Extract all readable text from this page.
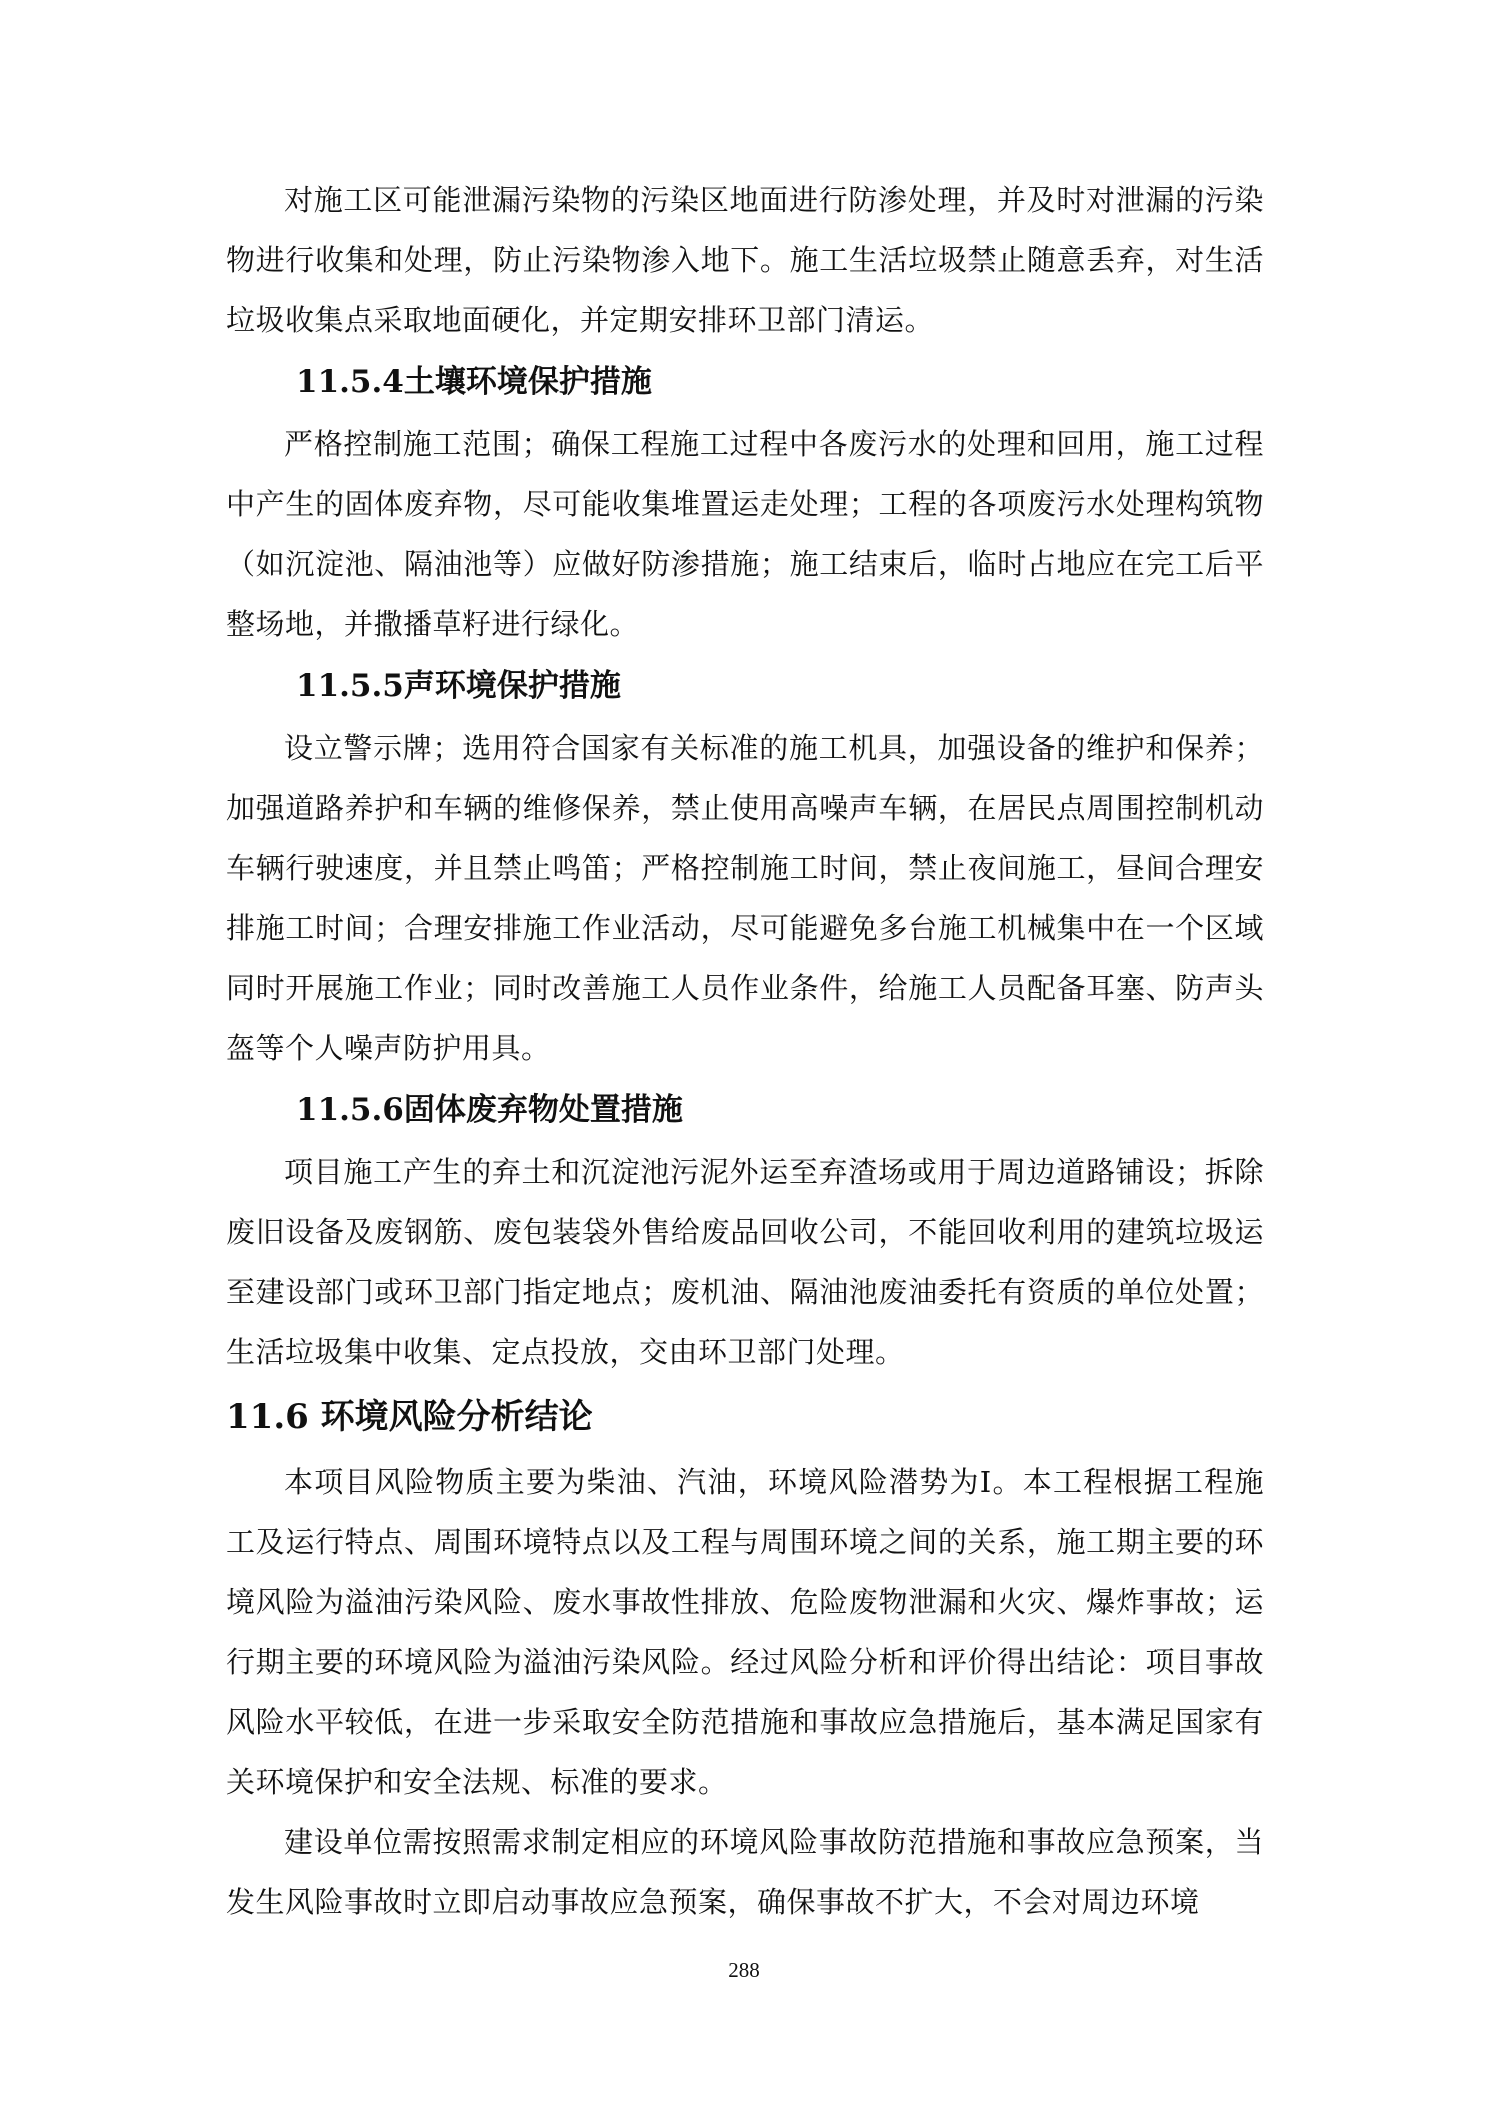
对施工区可能泄漏污染物的污染区地面进行防渗处理，并及时对泄漏的污染物进行收集和处理，防止污染物渗入地下。施工生活垃圾禁止随意丢弃，对生活垃圾收集点采取地面硬化，并定期安排环卫部门清运。

11.5.4土壤环境保护措施

严格控制施工范围；确保工程施工过程中各废污水的处理和回用，施工过程中产生的固体废弃物，尽可能收集堆置运走处理；工程的各项废污水处理构筑物（如沉淀池、隔油池等）应做好防渗措施；施工结束后，临时占地应在完工后平整场地，并撒播草籽进行绿化。

11.5.5声环境保护措施

设立警示牌；选用符合国家有关标准的施工机具，加强设备的维护和保养；加强道路养护和车辆的维修保养，禁止使用高噪声车辆，在居民点周围控制机动车辆行驶速度，并且禁止鸣笛；严格控制施工时间，禁止夜间施工，昼间合理安排施工时间；合理安排施工作业活动，尽可能避免多台施工机械集中在一个区域同时开展施工作业；同时改善施工人员作业条件，给施工人员配备耳塞、防声头盔等个人噪声防护用具。

11.5.6固体废弃物处置措施

项目施工产生的弃土和沉淀池污泥外运至弃渣场或用于周边道路铺设；拆除废旧设备及废钢筋、废包装袋外售给废品回收公司，不能回收利用的建筑垃圾运至建设部门或环卫部门指定地点；废机油、隔油池废油委托有资质的单位处置；生活垃圾集中收集、定点投放，交由环卫部门处理。

11.6 环境风险分析结论

本项目风险物质主要为柴油、汽油，环境风险潜势为Ⅰ。本工程根据工程施工及运行特点、周围环境特点以及工程与周围环境之间的关系，施工期主要的环境风险为溢油污染风险、废水事故性排放、危险废物泄漏和火灾、爆炸事故；运行期主要的环境风险为溢油污染风险。经过风险分析和评价得出结论：项目事故风险水平较低，在进一步采取安全防范措施和事故应急措施后，基本满足国家有关环境保护和安全法规、标准的要求。

建设单位需按照需求制定相应的环境风险事故防范措施和事故应急预案，当发生风险事故时立即启动事故应急预案，确保事故不扩大，不会对周边环境

288
